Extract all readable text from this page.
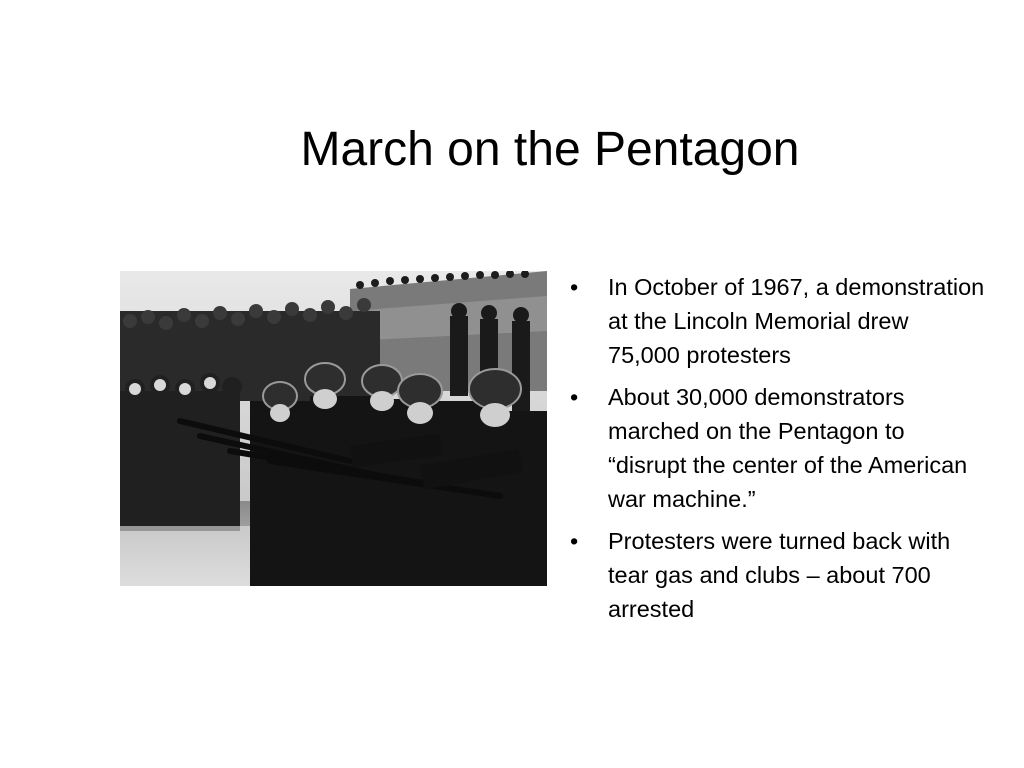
March on the Pentagon
•	In October of 1967, a demonstration at the Lincoln Memorial drew 75,000 protesters
•	About 30,000 demonstrators marched on the Pentagon to “disrupt the center of the American war machine.”
•	Protesters were turned back with tear gas and clubs – about 700 arrested
